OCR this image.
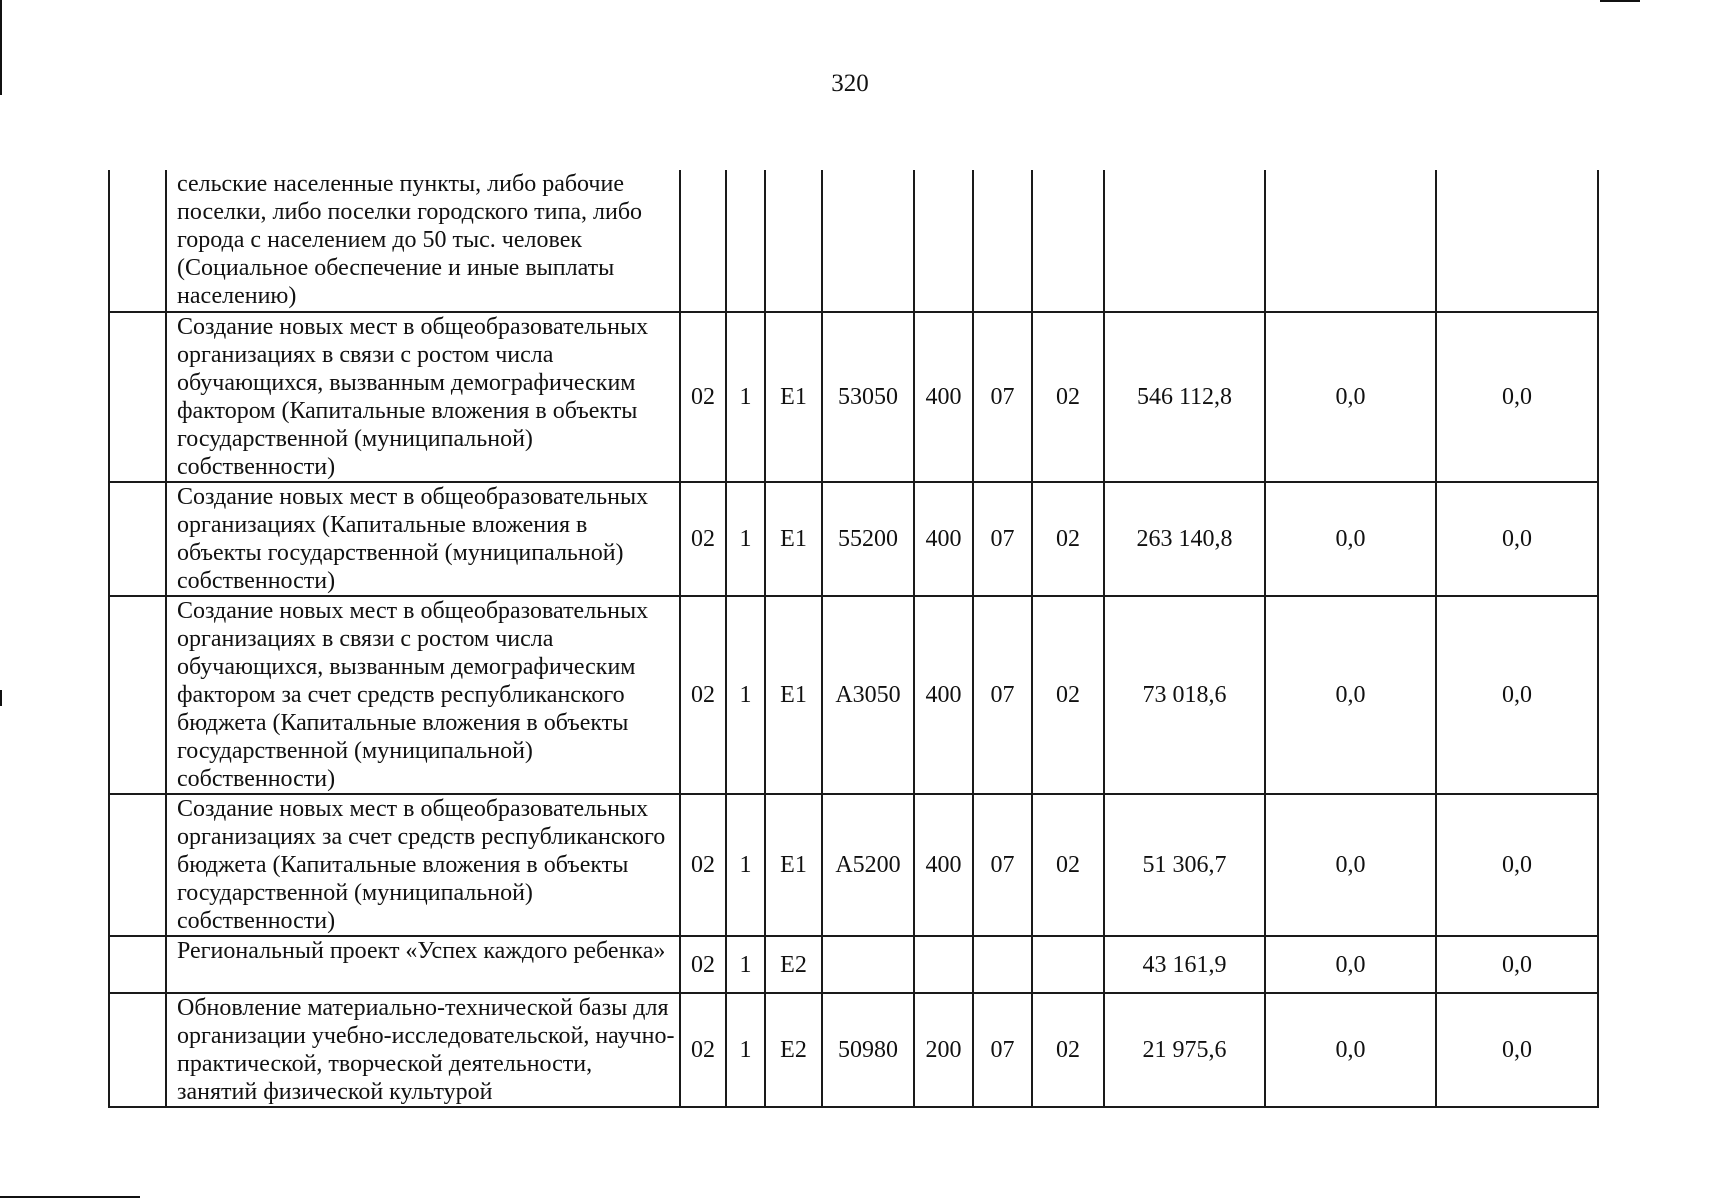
320
	сельские населенные пункты, либо рабочие поселки, либо поселки городского типа, либо города с населением до 50 тыс. человек (Социальное обеспечение и иные выплаты населению)										
	Создание новых мест в общеобразовательных организациях в связи с ростом числа обучающихся, вызванным демографическим фактором (Капитальные вложения в объекты государственной (муниципальной) собственности)	02	1	Е1	53050	400	07	02	546 112,8	0,0	0,0
	Создание новых мест в общеобразовательных организациях (Капитальные вложения в объекты государственной (муниципальной) собственности)	02	1	Е1	55200	400	07	02	263 140,8	0,0	0,0
	Создание новых мест в общеобразовательных организациях в связи с ростом числа обучающихся, вызванным демографическим фактором за счет средств республиканского бюджета (Капитальные вложения в объекты государственной (муниципальной) собственности)	02	1	Е1	А3050	400	07	02	73 018,6	0,0	0,0
	Создание новых мест в общеобразовательных организациях за счет средств республиканского бюджета (Капитальные вложения в объекты государственной (муниципальной) собственности)	02	1	Е1	А5200	400	07	02	51 306,7	0,0	0,0
	Региональный проект «Успех каждого ребенка»	02	1	Е2					43 161,9	0,0	0,0
	Обновление материально-технической базы для организации учебно-исследовательской, научно-практической, творческой деятельности, занятий физической культурой	02	1	Е2	50980	200	07	02	21 975,6	0,0	0,0
